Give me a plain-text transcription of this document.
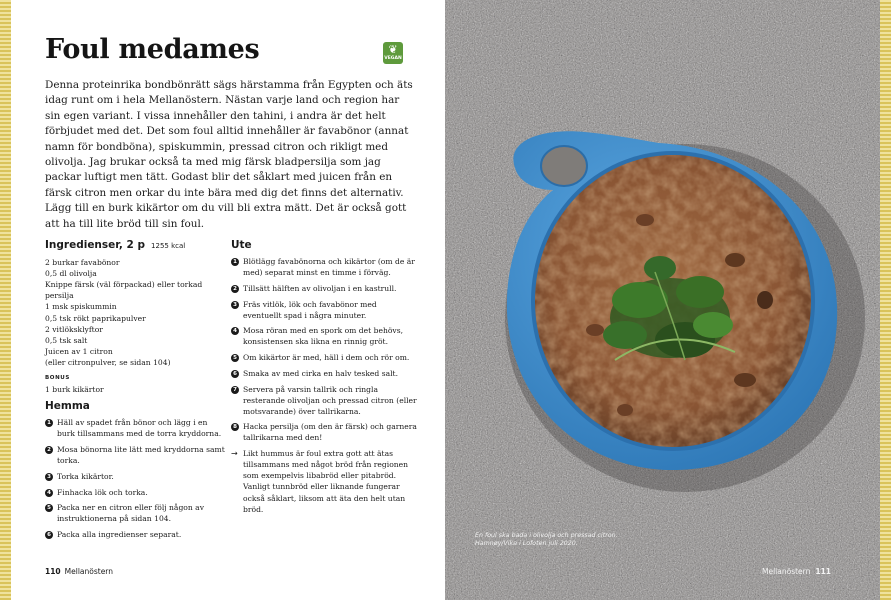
Foul medames	❦
VEGAN

Denna proteinrika bondbönrätt sägs härstamma från Egypten och äts idag runt om i hela Mellanöstern. Nästan varje land och region har sin egen variant. I vissa innehåller den tahini, i andra är det helt förbjudet med det. Det som foul alltid innehåller är favabönor (annat namn för bondböna), spiskummin, pressad citron och rikligt med olivolja. Jag brukar också ta med mig färsk bladpersilja som jag packar luftigt men tätt. Godast blir det såklart med juicen från en färsk citron men orkar du inte bära med dig det finns det alternativ. Lägg till en burk kikärtor om du vill bli extra mätt. Det är också gott att ha till lite bröd till sin foul.

Ingredienser, 2 p 1255 kcal
2 burkar favabönor
0,5 dl olivolja
Knippe färsk (väl förpackad) eller torkad persilja
1 msk spiskummin
0,5 tsk rökt paprikapulver
2 vitlöksklyftor
0,5 tsk salt
Juicen av 1 citron
(eller citronpulver, se sidan 104)
BONUS
1 burk kikärtor
Hemma
1 Häll av spadet från bönor och lägg i en burk tillsammans med de torra kryddorna.
2 Mosa bönorna lite lätt med kryddorna samt torka.
3 Torka kikärtor.
4 Finhacka lök och torka.
5 Packa ner en citron eller följ någon av instruktionerna på sidan 104.
6 Packa alla ingredienser separat.
Ute
1 Blötlägg favabönorna och kikärtor (om de är med) separat minst en timme i förväg.
2 Tillsätt hälften av olivoljan i en kastrull.
3 Fräs vitlök, lök och favabönor med eventuellt spad i några minuter.
4 Mosa röran med en spork om det behövs, konsistensen ska likna en rinnig gröt.
5 Om kikärtor är med, häll i dem och rör om.
6 Smaka av med cirka en halv tesked salt.
7 Servera på varsin tallrik och ringla resterande olivoljan och pressad citron (eller motsvarande) över tallrikarna.
8 Hacka persilja (om den är färsk) och garnera tallrikarna med den!
→ Likt hummus är foul extra gott att ätas tillsammans med något bröd från regionen som exempelvis libabröd eller pitabröd. Vanligt tunnbröd eller liknande fungerar också såklart, liksom att äta den helt utan bröd.
110 Mellanöstern
En foul ska bada i olivolja och pressad citron. Hamnøy/Vika i Lofoten juli 2020.
Mellanöstern 111
